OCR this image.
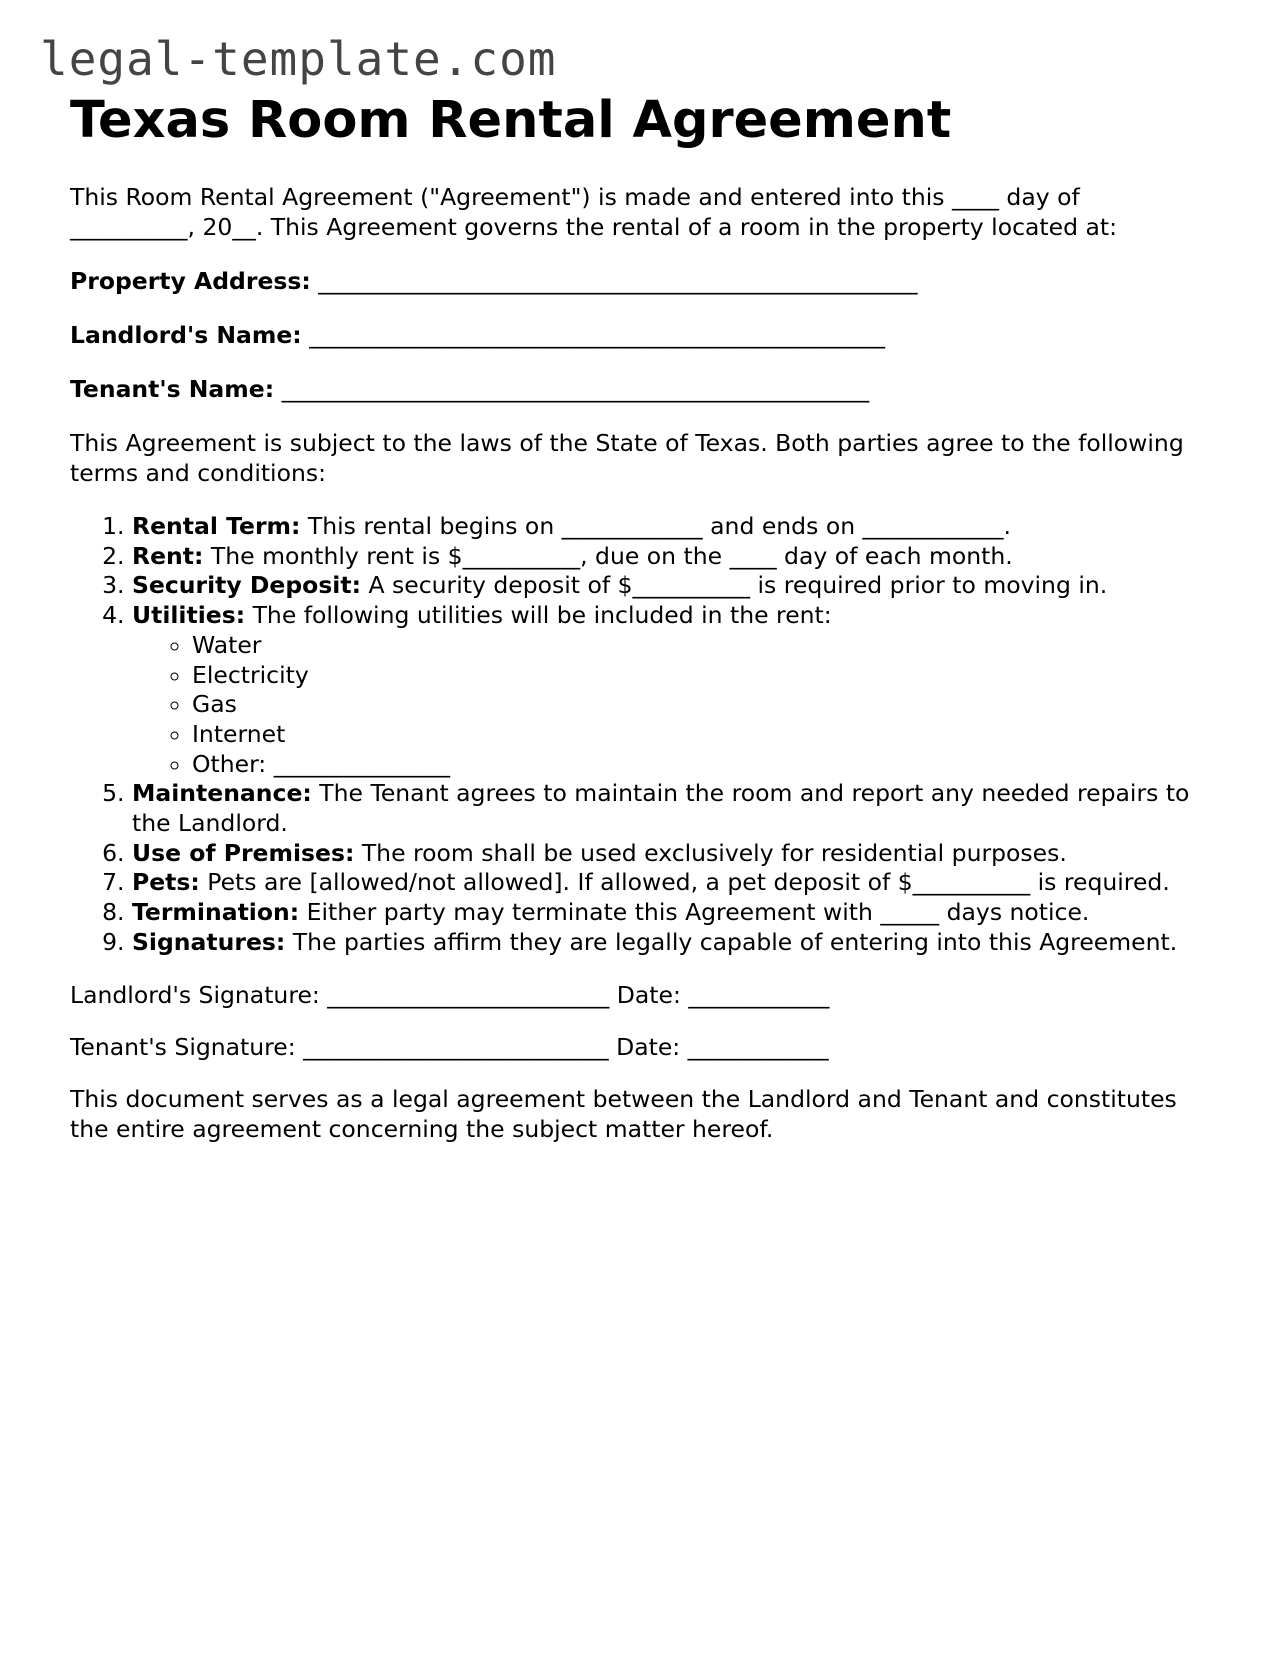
legal-template.com
Texas Room Rental Agreement

This Room Rental Agreement ("Agreement") is made and entered into this ____ day of __________, 20__. This Agreement governs the rental of a room in the property located at:

Property Address: ___________________________________________________

Landlord's Name: _________________________________________________

Tenant's Name: __________________________________________________

This Agreement is subject to the laws of the State of Texas. Both parties agree to the following terms and conditions:

1. Rental Term: This rental begins on ____________ and ends on ____________.
2. Rent: The monthly rent is $__________, due on the ____ day of each month.
3. Security Deposit: A security deposit of $__________ is required prior to moving in.
4. Utilities: The following utilities will be included in the rent:
◦ Water
◦ Electricity
◦ Gas
◦ Internet
◦ Other: _______________
5. Maintenance: The Tenant agrees to maintain the room and report any needed repairs to the Landlord.
6. Use of Premises: The room shall be used exclusively for residential purposes.
7. Pets: Pets are [allowed/not allowed]. If allowed, a pet deposit of $__________ is required.
8. Termination: Either party may terminate this Agreement with _____ days notice.
9. Signatures: The parties affirm they are legally capable of entering into this Agreement.

Landlord's Signature: ________________________ Date: ____________

Tenant's Signature: __________________________ Date: ____________

This document serves as a legal agreement between the Landlord and Tenant and constitutes the entire agreement concerning the subject matter hereof.
